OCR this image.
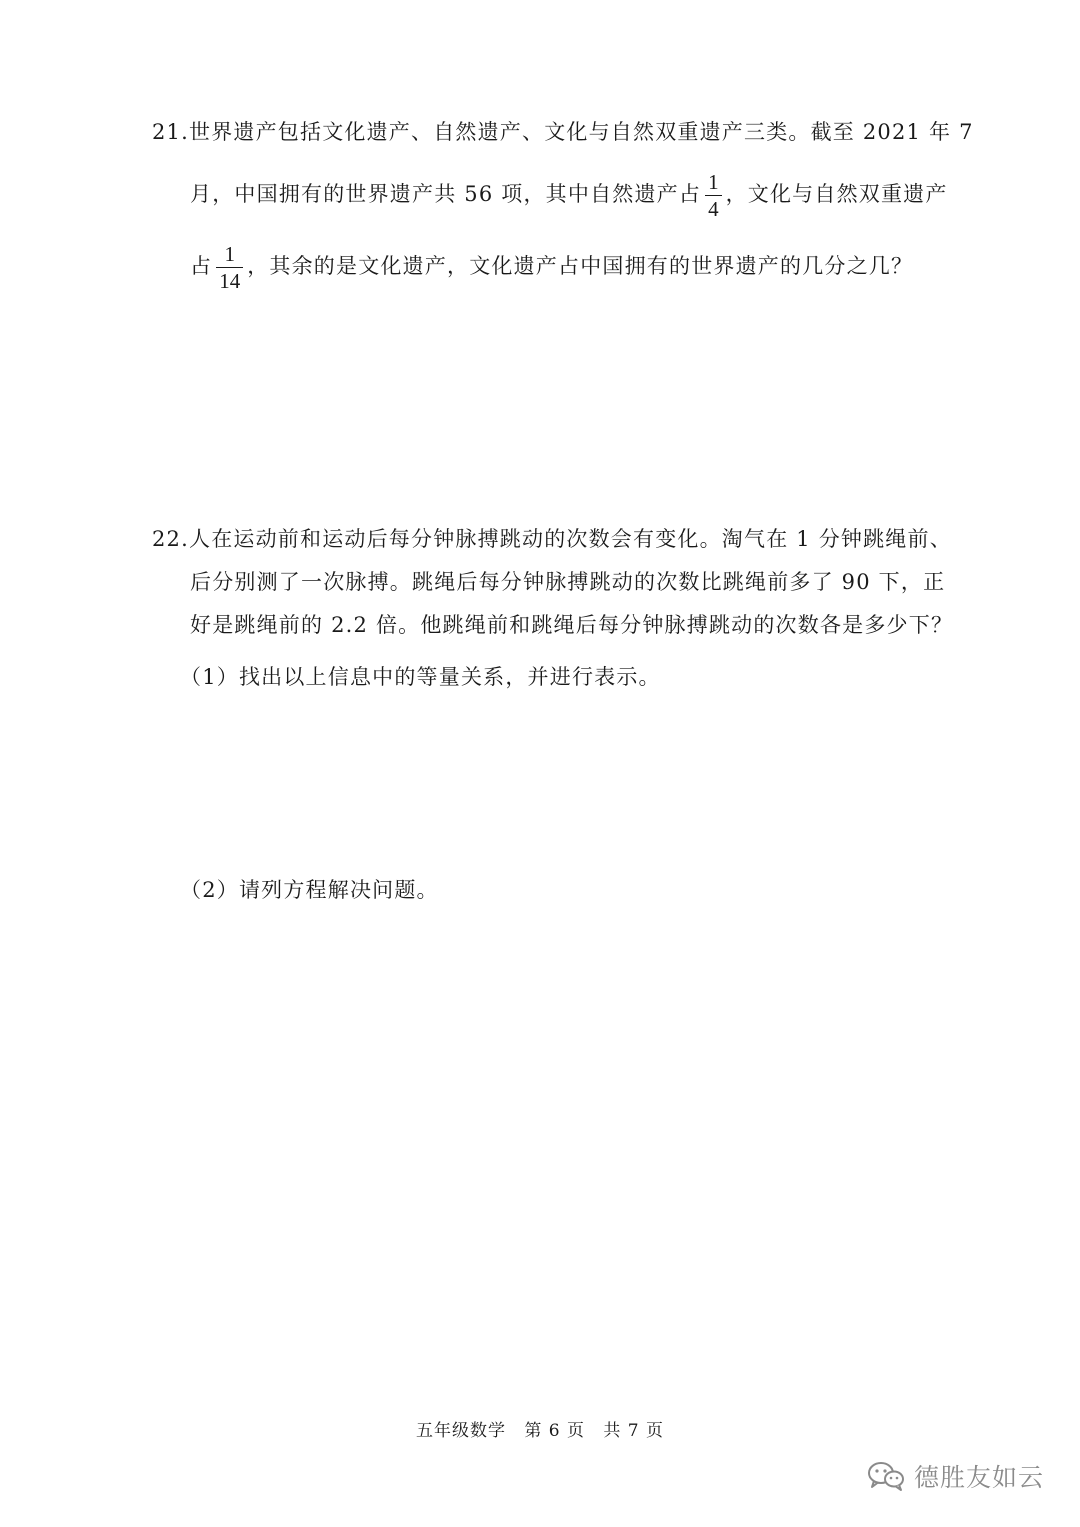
21.世界遗产包括文化遗产、自然遗产、文化与自然双重遗产三类。截至 2021 年 7
月，中国拥有的世界遗产共 56 项，其中自然遗产占 $\frac{1}{4}$ ，文化与自然双重遗产
占 $\frac{1}{14}$ ，其余的是文化遗产，文化遗产占中国拥有的世界遗产的几分之几？
22.人在运动前和运动后每分钟脉搏跳动的次数会有变化。淘气在 1 分钟跳绳前、
后分别测了一次脉搏。跳绳后每分钟脉搏跳动的次数比跳绳前多了 90 下，正
好是跳绳前的 2.2 倍。他跳绳前和跳绳后每分钟脉搏跳动的次数各是多少下？
（1）找出以上信息中的等量关系，并进行表示。
（2）请列方程解决问题。
五年级数学 第 6 页 共 7 页
德胜友如云
